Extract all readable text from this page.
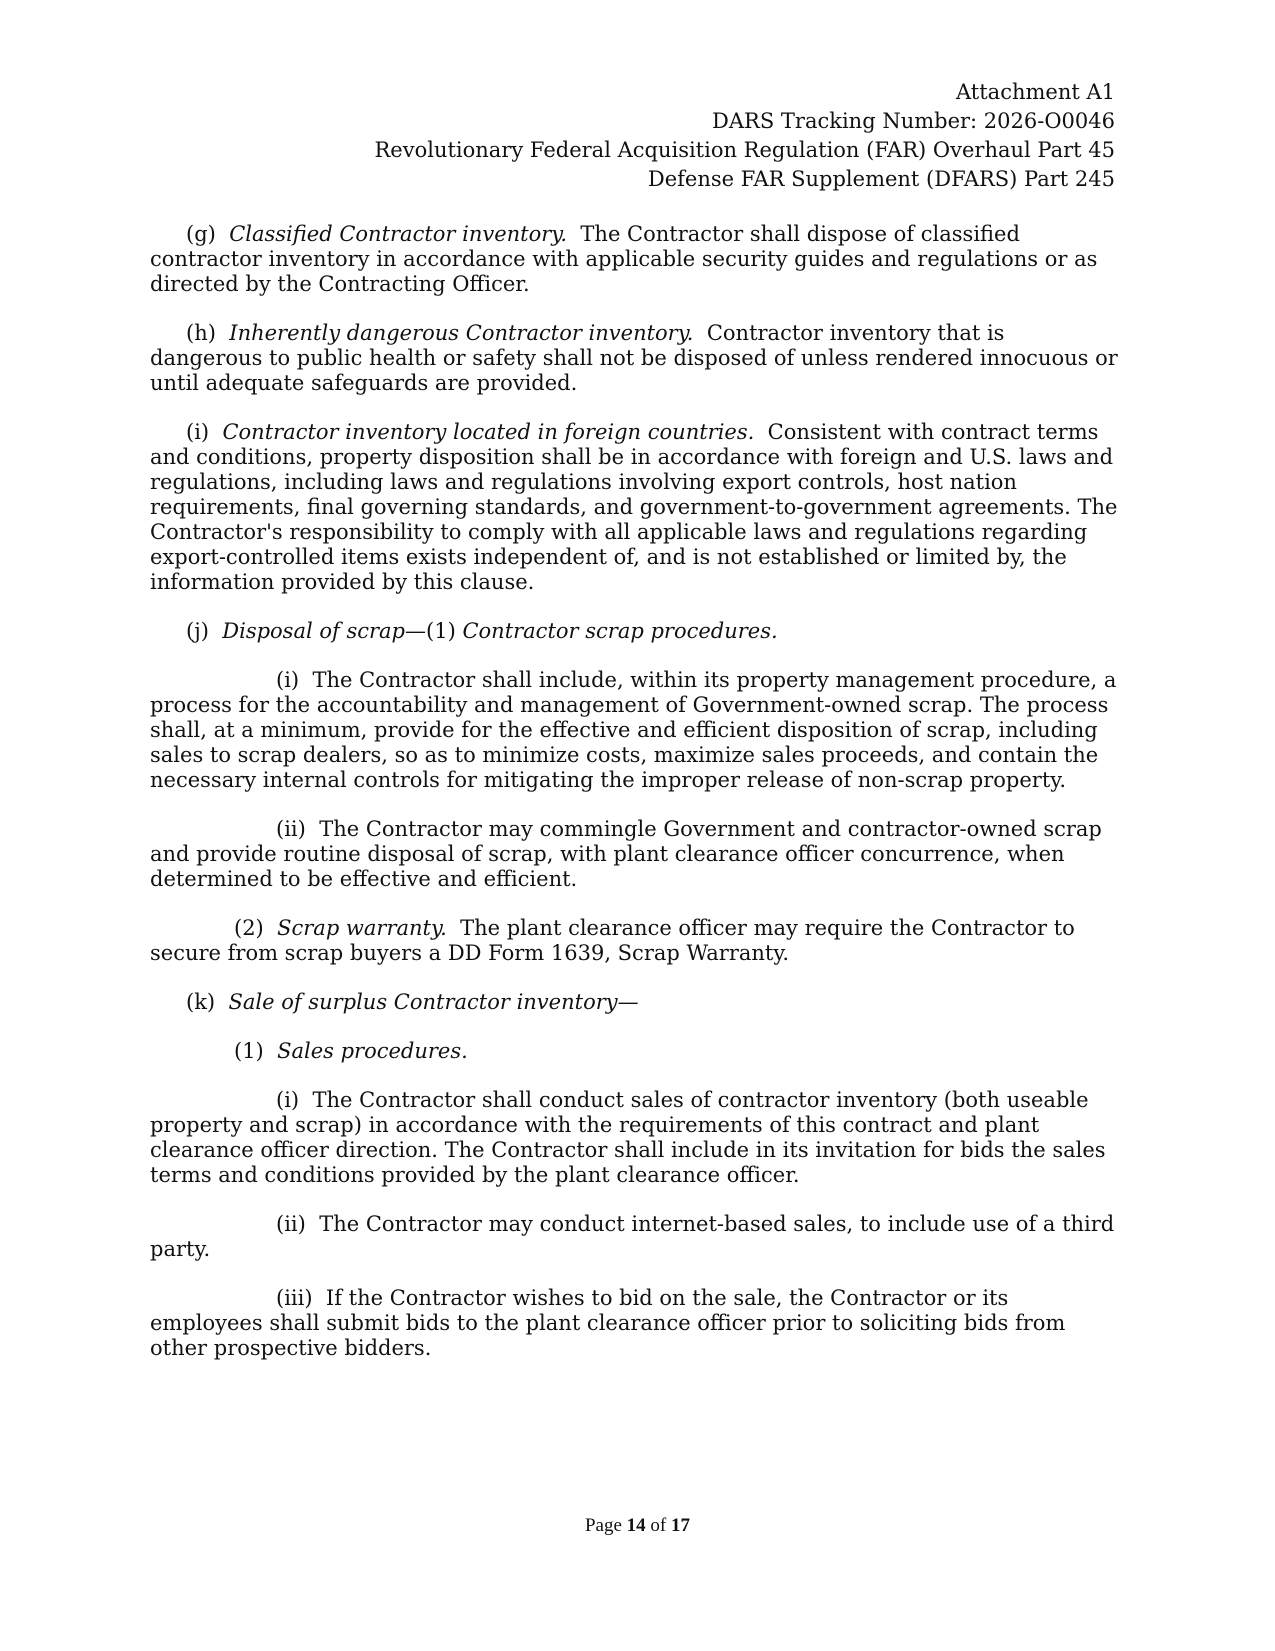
Attachment A1
DARS Tracking Number: 2026-O0046
Revolutionary Federal Acquisition Regulation (FAR) Overhaul Part 45
Defense FAR Supplement (DFARS) Part 245

(g) Classified Contractor inventory. The Contractor shall dispose of classified contractor inventory in accordance with applicable security guides and regulations or as directed by the Contracting Officer.

(h) Inherently dangerous Contractor inventory. Contractor inventory that is dangerous to public health or safety shall not be disposed of unless rendered innocuous or until adequate safeguards are provided.

(i) Contractor inventory located in foreign countries. Consistent with contract terms and conditions, property disposition shall be in accordance with foreign and U.S. laws and regulations, including laws and regulations involving export controls, host nation requirements, final governing standards, and government-to-government agreements. The Contractor's responsibility to comply with all applicable laws and regulations regarding export-controlled items exists independent of, and is not established or limited by, the information provided by this clause.

(j) Disposal of scrap—(1) Contractor scrap procedures.

(i) The Contractor shall include, within its property management procedure, a process for the accountability and management of Government-owned scrap. The process shall, at a minimum, provide for the effective and efficient disposition of scrap, including sales to scrap dealers, so as to minimize costs, maximize sales proceeds, and contain the necessary internal controls for mitigating the improper release of non-scrap property.

(ii) The Contractor may commingle Government and contractor-owned scrap and provide routine disposal of scrap, with plant clearance officer concurrence, when determined to be effective and efficient.

(2) Scrap warranty. The plant clearance officer may require the Contractor to secure from scrap buyers a DD Form 1639, Scrap Warranty.

(k) Sale of surplus Contractor inventory—

(1) Sales procedures.

(i) The Contractor shall conduct sales of contractor inventory (both useable property and scrap) in accordance with the requirements of this contract and plant clearance officer direction. The Contractor shall include in its invitation for bids the sales terms and conditions provided by the plant clearance officer.

(ii) The Contractor may conduct internet-based sales, to include use of a third party.

(iii) If the Contractor wishes to bid on the sale, the Contractor or its employees shall submit bids to the plant clearance officer prior to soliciting bids from other prospective bidders.

Page 14 of 17
